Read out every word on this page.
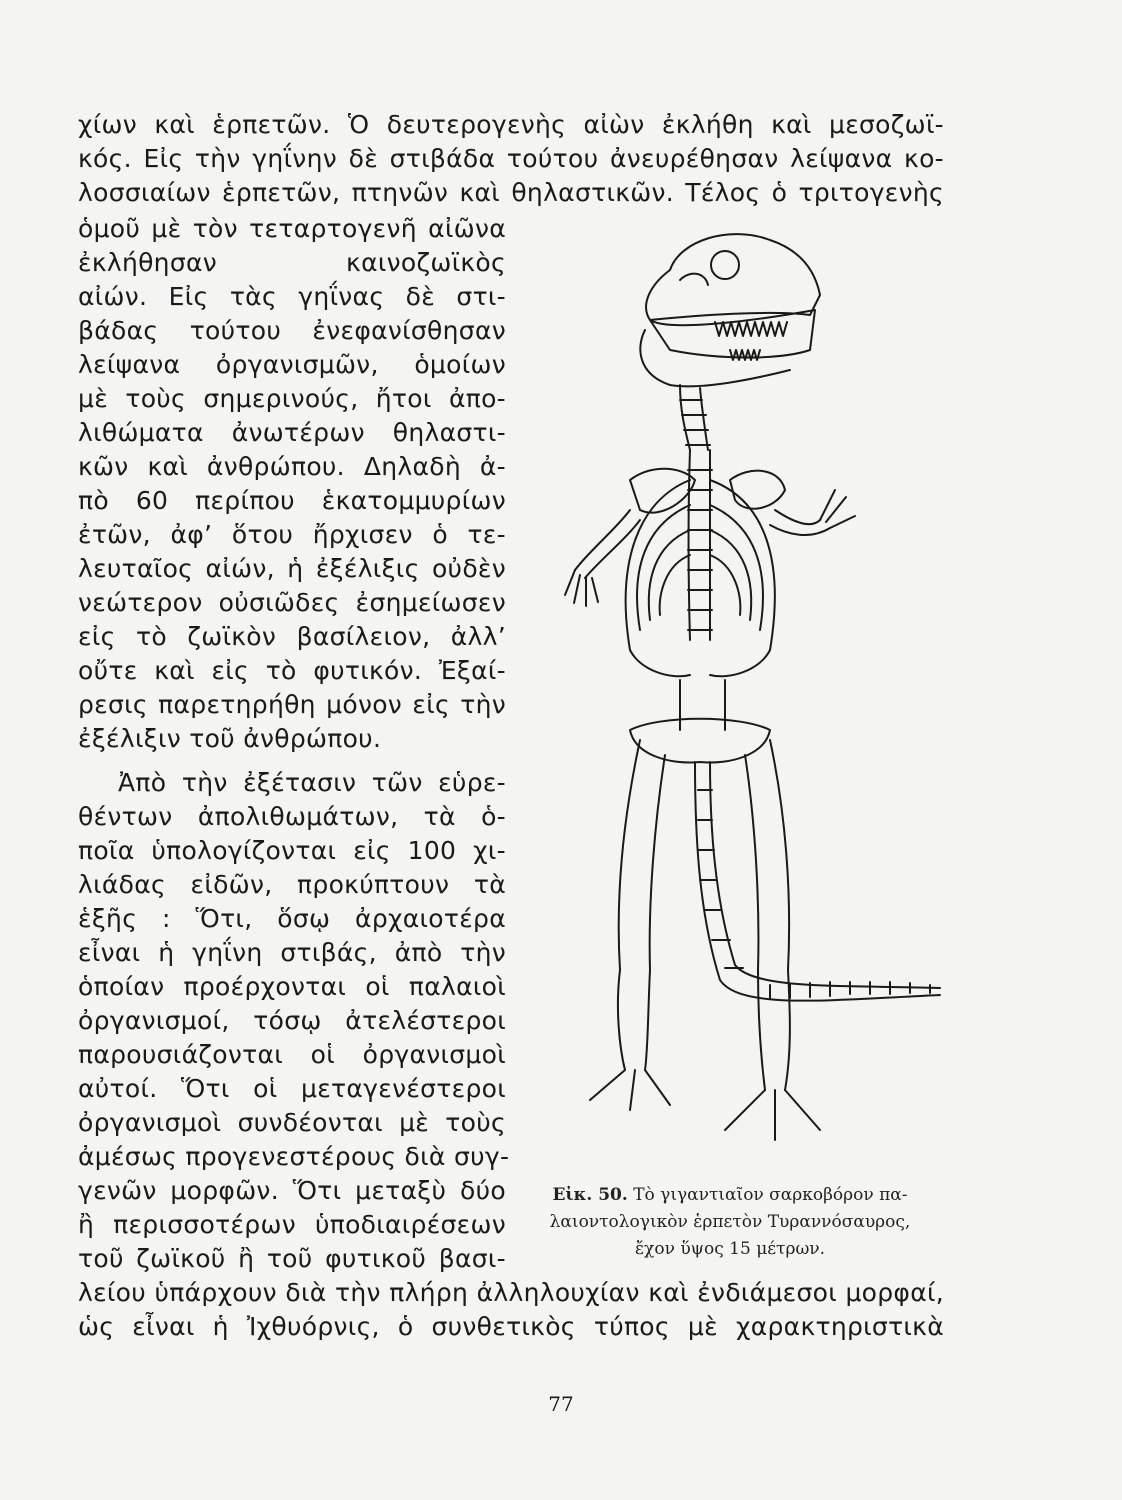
χίων καὶ ἑρπετῶν. Ὁ δευτερογενὴς αἰὼν ἐκλήθη καὶ μεσοζωϊ-
κός. Εἰς τὴν γηΐνην δὲ στιβάδα τούτου ἀνευρέθησαν λείψανα κο-
λοσσιαίων ἑρπετῶν, πτηνῶν καὶ θηλαστικῶν. Τέλος ὁ τριτογενὴς
ὁμοῦ μὲ τὸν τεταρτογενῆ αἰῶνα
ἐκλήθησαν καινοζωϊκὸς
αἰών. Εἰς τὰς γηΐνας δὲ στι-
βάδας τούτου ἐνεφανίσθησαν
λείψανα ὀργανισμῶν, ὁμοίων
μὲ τοὺς σημερινούς, ἤτοι ἀπο-
λιθώματα ἀνωτέρων θηλαστι-
κῶν καὶ ἀνθρώπου. Δηλαδὴ ἀ-
πὸ 60 περίπου ἑκατομμυρίων
ἐτῶν, ἀφ’ ὅτου ἤρχισεν ὁ τε-
λευταῖος αἰών, ἡ ἐξέλιξις οὐδὲν
νεώτερον οὐσιῶδες ἐσημείωσεν
εἰς τὸ ζωϊκὸν βασίλειον, ἀλλ’
οὔτε καὶ εἰς τὸ φυτικόν. Ἐξαί-
ρεσις παρετηρήθη μόνον εἰς τὴν
ἐξέλιξιν τοῦ ἀνθρώπου.
Ἀπὸ τὴν ἐξέτασιν τῶν εὑρε-
θέντων ἀπολιθωμάτων, τὰ ὁ-
ποῖα ὑπολογίζονται εἰς 100 χι-
λιάδας εἰδῶν, προκύπτουν τὰ
ἑξῆς : Ὅτι, ὅσῳ ἀρχαιοτέρα
εἶναι ἡ γηΐνη στιβάς, ἀπὸ τὴν
ὁποίαν προέρχονται οἱ παλαιοὶ
ὀργανισμοί, τόσῳ ἀτελέστεροι
παρουσιάζονται οἱ ὀργανισμοὶ
αὐτοί. Ὅτι οἱ μεταγενέστεροι
ὀργανισμοὶ συνδέονται μὲ τοὺς
ἀμέσως προγενεστέρους διὰ συγ-
γενῶν μορφῶν. Ὅτι μεταξὺ δύο
ἢ περισσοτέρων ὑποδιαιρέσεων
τοῦ ζωϊκοῦ ἢ τοῦ φυτικοῦ βασι-
λείου ὑπάρχουν διὰ τὴν πλήρη ἀλληλουχίαν καὶ ἐνδιάμεσοι μορφαί,
ὡς εἶναι ἡ Ἰχθυόρνις, ὁ συνθετικὸς τύπος μὲ χαρακτηριστικὰ
Εἰκ. 50. Τὸ γιγαντιαῖον σαρκοβόρον πα-
λαιοντολογικὸν ἑρπετὸν Τυραννόσαυρος,
ἔχον ὕψος 15 μέτρων.
77
